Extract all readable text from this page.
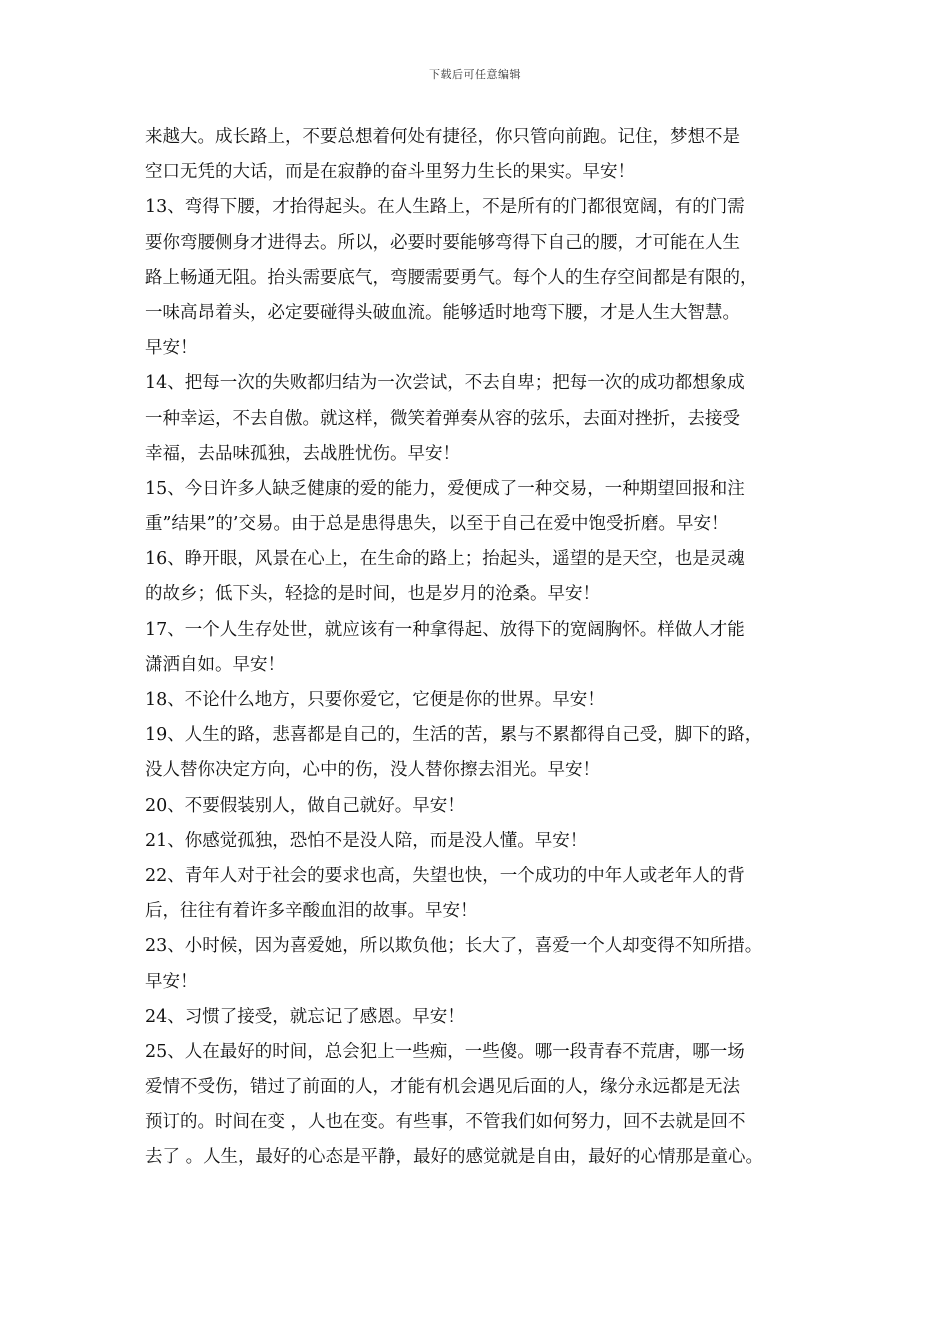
下载后可任意编辑
来越大。成长路上，不要总想着何处有捷径，你只管向前跑。记住，梦想不是
空口无凭的大话，而是在寂静的奋斗里努力生长的果实。早安！
13、弯得下腰，才抬得起头。在人生路上，不是所有的门都很宽阔，有的门需
要你弯腰侧身才进得去。所以，必要时要能够弯得下自己的腰，才可能在人生
路上畅通无阻。抬头需要底气，弯腰需要勇气。每个人的生存空间都是有限的，
一味高昂着头，必定要碰得头破血流。能够适时地弯下腰，才是人生大智慧。
早安！
14、把每一次的失败都归结为一次尝试，不去自卑；把每一次的成功都想象成
一种幸运，不去自傲。就这样，微笑着弹奏从容的弦乐，去面对挫折，去接受
幸福，去品味孤独，去战胜忧伤。早安！
15、今日许多人缺乏健康的爱的能力，爱便成了一种交易，一种期望回报和注
重”结果”的’交易。由于总是患得患失，以至于自己在爱中饱受折磨。早安！
16、睁开眼，风景在心上，在生命的路上；抬起头，遥望的是天空，也是灵魂
的故乡；低下头，轻捻的是时间，也是岁月的沧桑。早安！
17、一个人生存处世，就应该有一种拿得起、放得下的宽阔胸怀。样做人才能
潇洒自如。早安！
18、不论什么地方，只要你爱它，它便是你的世界。早安！
19、人生的路，悲喜都是自己的，生活的苦，累与不累都得自己受，脚下的路，
没人替你决定方向，心中的伤，没人替你擦去泪光。早安！
20、不要假装别人，做自己就好。早安！
21、你感觉孤独，恐怕不是没人陪，而是没人懂。早安！
22、青年人对于社会的要求也高，失望也快，一个成功的中年人或老年人的背
后，往往有着许多辛酸血泪的故事。早安！
23、小时候，因为喜爱她，所以欺负他；长大了，喜爱一个人却变得不知所措。
早安！
24、习惯了接受，就忘记了感恩。早安！
25、人在最好的时间，总会犯上一些痴，一些傻。哪一段青春不荒唐，哪一场
爱情不受伤，错过了前面的人，才能有机会遇见后面的人，缘分永远都是无法
预订的。时间在变 ，人也在变。有些事，不管我们如何努力，回不去就是回不
去了 。人生，最好的心态是平静，最好的感觉就是自由，最好的心情那是童心。
